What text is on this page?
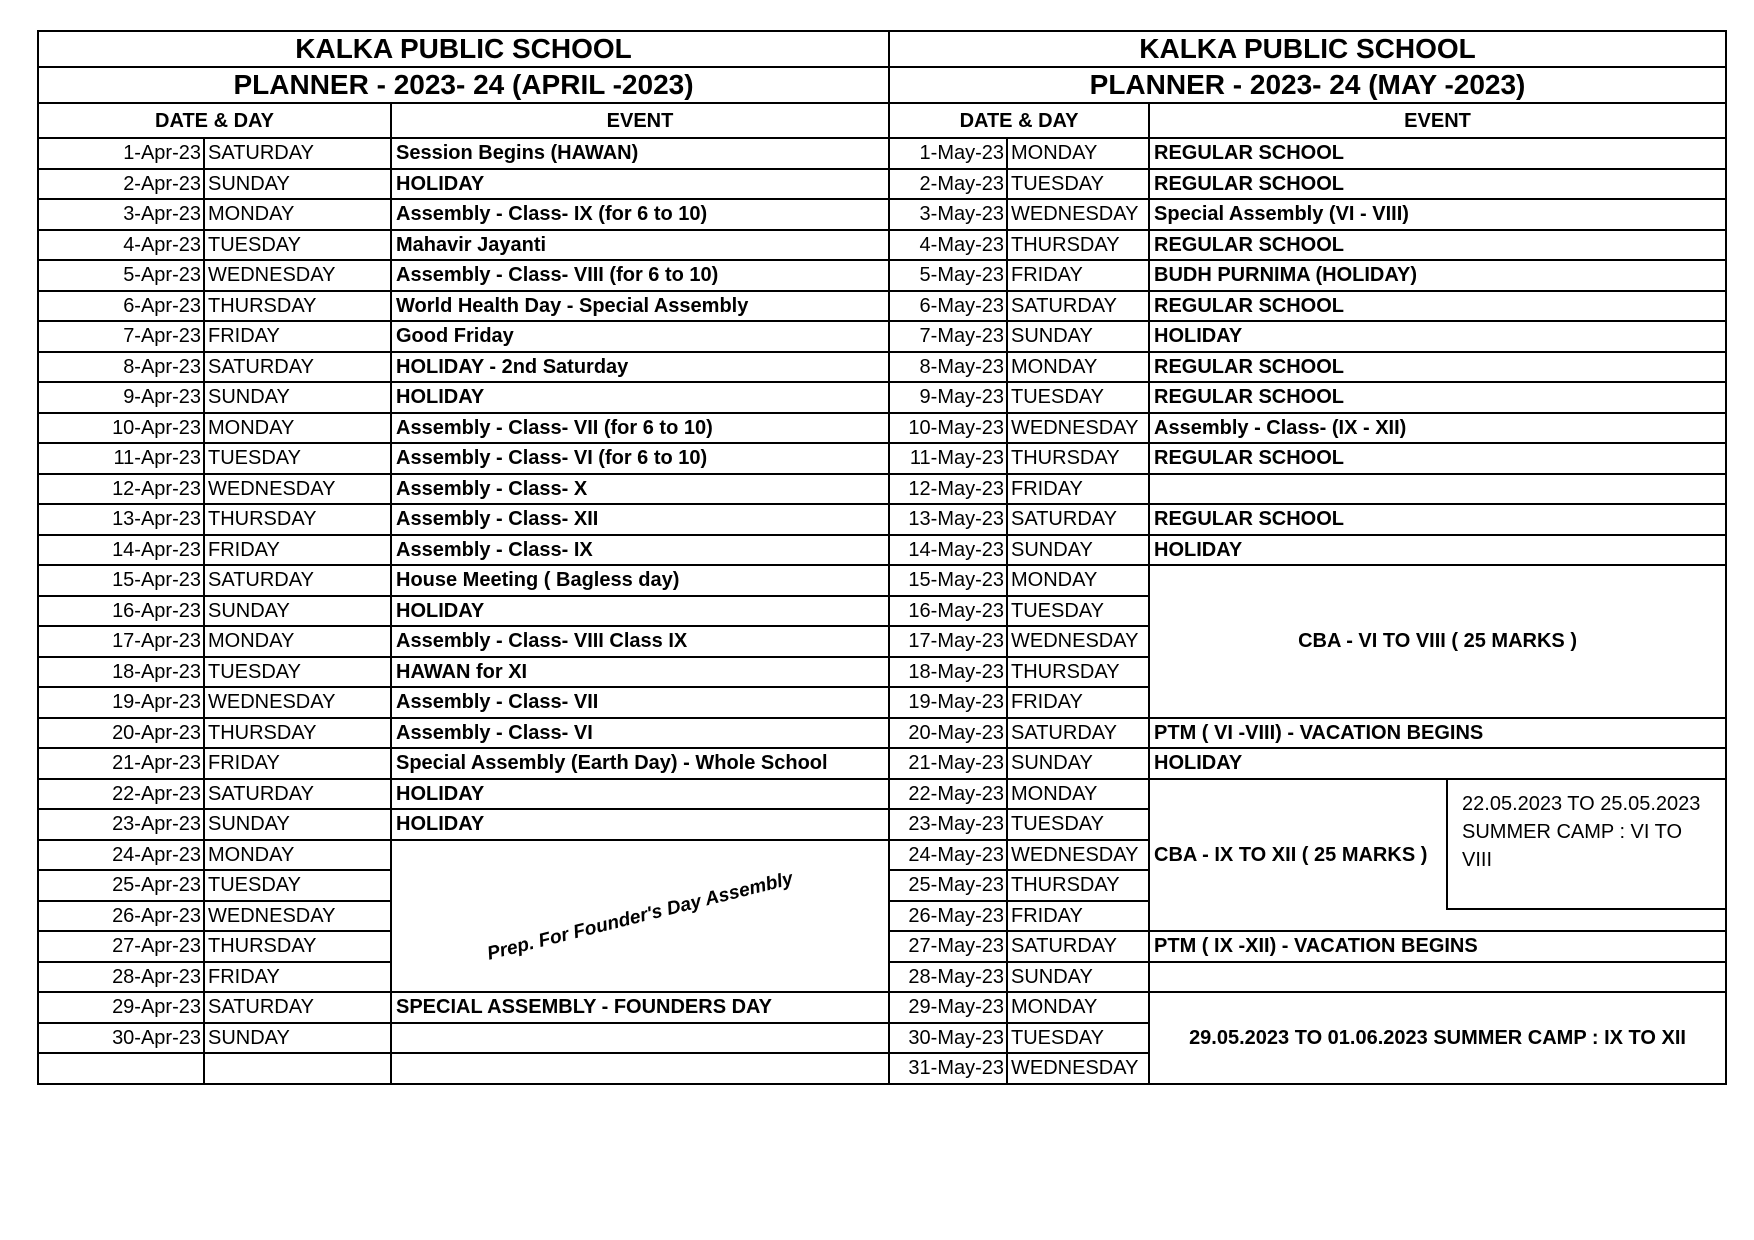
KALKA PUBLIC SCHOOL			KALKA PUBLIC SCHOOL			
PLANNER - 2023- 24 (APRIL -2023)			PLANNER - 2023- 24 (MAY -2023)			
DATE & DAY		EVENT	DATE & DAY		EVENT	
1-Apr-23	SATURDAY	Session Begins (HAWAN)	1-May-23	MONDAY	REGULAR SCHOOL	
2-Apr-23	SUNDAY	HOLIDAY	2-May-23	TUESDAY	REGULAR SCHOOL	
3-Apr-23	MONDAY	Assembly - Class- IX (for 6 to 10)	3-May-23	WEDNESDAY	Special Assembly (VI - VIII)	
4-Apr-23	TUESDAY	Mahavir Jayanti	4-May-23	THURSDAY	REGULAR SCHOOL	
5-Apr-23	WEDNESDAY	Assembly - Class- VIII (for 6 to 10)	5-May-23	FRIDAY	BUDH PURNIMA (HOLIDAY)	
6-Apr-23	THURSDAY	World Health Day - Special Assembly	6-May-23	SATURDAY	REGULAR SCHOOL	
7-Apr-23	FRIDAY	Good Friday	7-May-23	SUNDAY	HOLIDAY	
8-Apr-23	SATURDAY	HOLIDAY - 2nd Saturday	8-May-23	MONDAY	REGULAR SCHOOL	
9-Apr-23	SUNDAY	HOLIDAY	9-May-23	TUESDAY	REGULAR SCHOOL	
10-Apr-23	MONDAY	Assembly - Class- VII (for 6 to 10)	10-May-23	WEDNESDAY	Assembly - Class- (IX - XII)	
11-Apr-23	TUESDAY	Assembly - Class- VI (for 6 to 10)	11-May-23	THURSDAY	REGULAR SCHOOL	
12-Apr-23	WEDNESDAY	Assembly - Class- X	12-May-23	FRIDAY		
13-Apr-23	THURSDAY	Assembly - Class- XII	13-May-23	SATURDAY	REGULAR SCHOOL	
14-Apr-23	FRIDAY	Assembly - Class- IX	14-May-23	SUNDAY	HOLIDAY	
15-Apr-23	SATURDAY	House Meeting ( Bagless day)	15-May-23	MONDAY	CBA - VI TO VIII ( 25 MARKS )	
16-Apr-23	SUNDAY	HOLIDAY	16-May-23	TUESDAY		
17-Apr-23	MONDAY	Assembly - Class- VIII Class IX	17-May-23	WEDNESDAY		
18-Apr-23	TUESDAY	HAWAN for XI	18-May-23	THURSDAY		
19-Apr-23	WEDNESDAY	Assembly - Class- VII	19-May-23	FRIDAY		
20-Apr-23	THURSDAY	Assembly - Class- VI	20-May-23	SATURDAY	PTM ( VI -VIII) - VACATION BEGINS	
21-Apr-23	FRIDAY	Special Assembly (Earth Day) - Whole School	21-May-23	SUNDAY	HOLIDAY	
22-Apr-23	SATURDAY	HOLIDAY	22-May-23	MONDAY	CBA - IX TO XII ( 25 MARKS )	22.05.2023 TO 25.05.2023 SUMMER CAMP : VI TO VIII

23-Apr-23	SUNDAY	HOLIDAY	23-May-23	TUESDAY		
24-Apr-23	MONDAY	Prep. For Founder's Day Assembly	24-May-23	WEDNESDAY		
25-Apr-23	TUESDAY		25-May-23	THURSDAY		
26-Apr-23	WEDNESDAY		26-May-23	FRIDAY		
27-Apr-23	THURSDAY		27-May-23	SATURDAY	PTM ( IX -XII) - VACATION BEGINS	
28-Apr-23	FRIDAY		28-May-23	SUNDAY		
29-Apr-23	SATURDAY	SPECIAL ASSEMBLY - FOUNDERS DAY	29-May-23	MONDAY	29.05.2023 TO 01.06.2023 SUMMER CAMP : IX TO XII	
30-Apr-23	SUNDAY		30-May-23	TUESDAY		
			31-May-23	WEDNESDAY		
